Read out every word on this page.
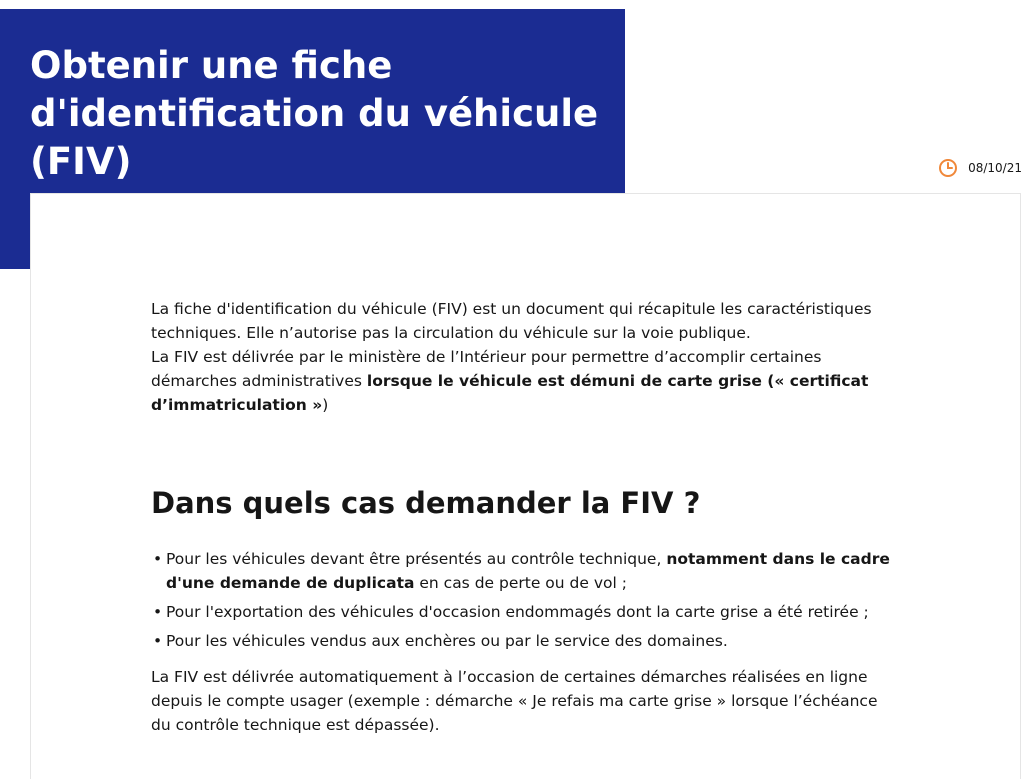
Obtenir une fiche d'identification du véhicule (FIV)	08/10/21

La fiche d'identification du véhicule (FIV) est un document qui récapitule les caractéristiques techniques. Elle n’autorise pas la circulation du véhicule sur la voie publique.

La FIV est délivrée par le ministère de l’Intérieur pour permettre d’accomplir certaines démarches administratives lorsque le véhicule est démuni de carte grise (« certificat d’immatriculation »)

Dans quels cas demander la FIV ?
• Pour les véhicules devant être présentés au contrôle technique, notamment dans le cadre d'une demande de duplicata en cas de perte ou de vol ;
• Pour l'exportation des véhicules d'occasion endommagés dont la carte grise a été retirée ;
• Pour les véhicules vendus aux enchères ou par le service des domaines.

La FIV est délivrée automatiquement à l’occasion de certaines démarches réalisées en ligne depuis le compte usager (exemple : démarche « Je refais ma carte grise » lorsque l’échéance du contrôle technique est dépassée).
